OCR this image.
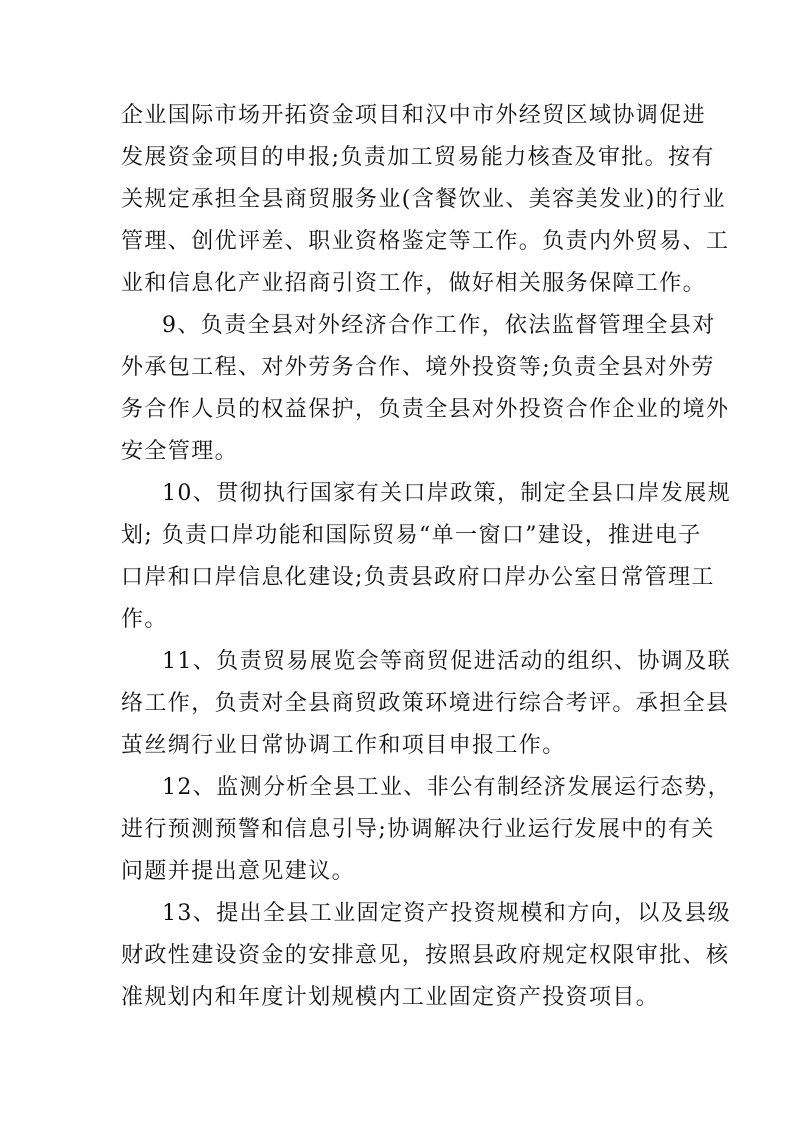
企业国际市场开拓资金项目和汉中市外经贸区域协调促进
发展资金项目的申报;负责加工贸易能力核查及审批。按有
关规定承担全县商贸服务业(含餐饮业、美容美发业)的行业
管理、创优评差、职业资格鉴定等工作。负责内外贸易、工
业和信息化产业招商引资工作，做好相关服务保障工作。
9、负责全县对外经济合作工作，依法监督管理全县对
外承包工程、对外劳务合作、境外投资等;负责全县对外劳
务合作人员的权益保护，负责全县对外投资合作企业的境外
安全管理。
10、贯彻执行国家有关口岸政策，制定全县口岸发展规
划; 负责口岸功能和国际贸易“单一窗口”建设，推进电子
口岸和口岸信息化建设;负责县政府口岸办公室日常管理工
作。
11、负责贸易展览会等商贸促进活动的组织、协调及联
络工作，负责对全县商贸政策环境进行综合考评。承担全县
茧丝绸行业日常协调工作和项目申报工作。
12、监测分析全县工业、非公有制经济发展运行态势，
进行预测预警和信息引导;协调解决行业运行发展中的有关
问题并提出意见建议。
13、提出全县工业固定资产投资规模和方向，以及县级
财政性建设资金的安排意见，按照县政府规定权限审批、核
准规划内和年度计划规模内工业固定资产投资项目。
